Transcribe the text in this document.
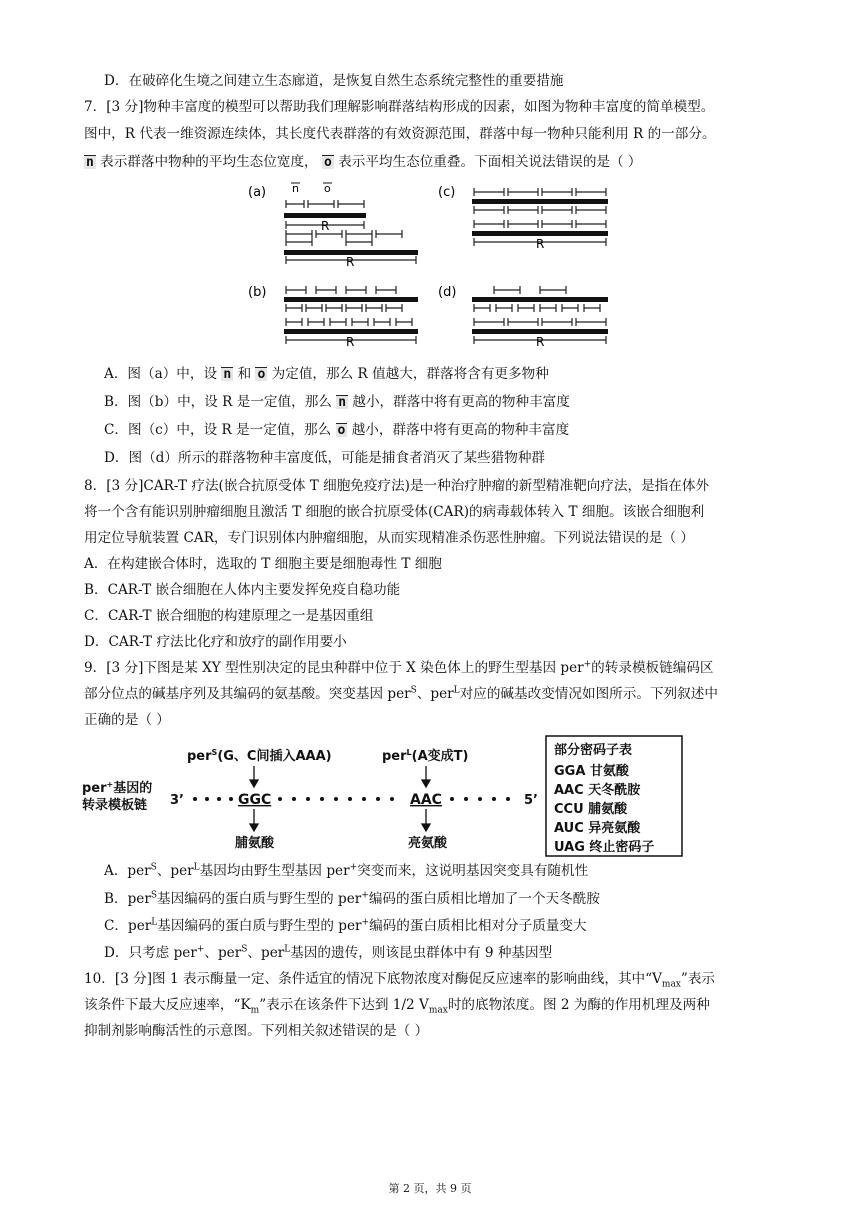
D．在破碎化生境之间建立生态廊道，是恢复自然生态系统完整性的重要措施
7．[3 分]物种丰富度的模型可以帮助我们理解影响群落结构形成的因素，如图为物种丰富度的简单模型。
图中，R 代表一维资源连续体，其长度代表群落的有效资源范围，群落中每一物种只能利用 R 的一部分。
n 表示群落中物种的平均生态位宽度， o 表示平均生态位重叠。下面相关说法错误的是（ ）
(a)
(b)
(c)
(d)
n o
R
R
R
R
R
A．图（a）中，设 n 和 o 为定值，那么 R 值越大，群落将含有更多物种
B．图（b）中，设 R 是一定值，那么 n 越小，群落中将有更高的物种丰富度
C．图（c）中，设 R 是一定值，那么 o 越小，群落中将有更高的物种丰富度
D．图（d）所示的群落物种丰富度低，可能是捕食者消灭了某些猎物种群
8．[3 分]CAR-T 疗法(嵌合抗原受体 T 细胞免疫疗法)是一种治疗肿瘤的新型精准靶向疗法，是指在体外
将一个含有能识别肿瘤细胞且激活 T 细胞的嵌合抗原受体(CAR)的病毒载体转入 T 细胞。该嵌合细胞利
用定位导航装置 CAR，专门识别体内肿瘤细胞，从而实现精准杀伤恶性肿瘤。下列说法错误的是（ ）
A．在构建嵌合体时，选取的 T 细胞主要是细胞毒性 T 细胞
B．CAR-T 嵌合细胞在人体内主要发挥免疫自稳功能
C．CAR-T 嵌合细胞的构建原理之一是基因重组
D．CAR-T 疗法比化疗和放疗的副作用要小
9．[3 分]下图是某 XY 型性别决定的昆虫种群中位于 X 染色体上的野生型基因 per+的转录模板链编码区
部分位点的碱基序列及其编码的氨基酸。突变基因 per$^S$、per$^L$对应的碱基改变情况如图所示。下列叙述中
正确的是（ ）
per$^S$(G、C间插入AAA)	per$^L$(A变成T)
per+基因的
转录模板链 3’	5’
GGC	AAC
脯氨酸	亮氨酸
部分密码子表
GGA 甘氨酸
AAC 天冬酰胺
CCU 脯氨酸
AUC 异亮氨酸
UAG 终止密码子
A．per$^S$、per$^L$基因均由野生型基因 per+突变而来，这说明基因突变具有随机性
B．per$^S$基因编码的蛋白质与野生型的 per+编码的蛋白质相比增加了一个天冬酰胺
C．per$^L$基因编码的蛋白质与野生型的 per+编码的蛋白质相比相对分子质量变大
D．只考虑 per+、per$^S$、per$^L$基因的遗传，则该昆虫群体中有 9 种基因型
10．[3 分]图 1 表示酶量一定、条件适宜的情况下底物浓度对酶促反应速率的影响曲线，其中“$V_{max}$”表示
该条件下最大反应速率，“$K_m$”表示在该条件下达到 1/2 $V_{max}$时的底物浓度。图 2 为酶的作用机理及两种
抑制剂影响酶活性的示意图。下列相关叙述错误的是（ ）
第 2 页，共 9 页
